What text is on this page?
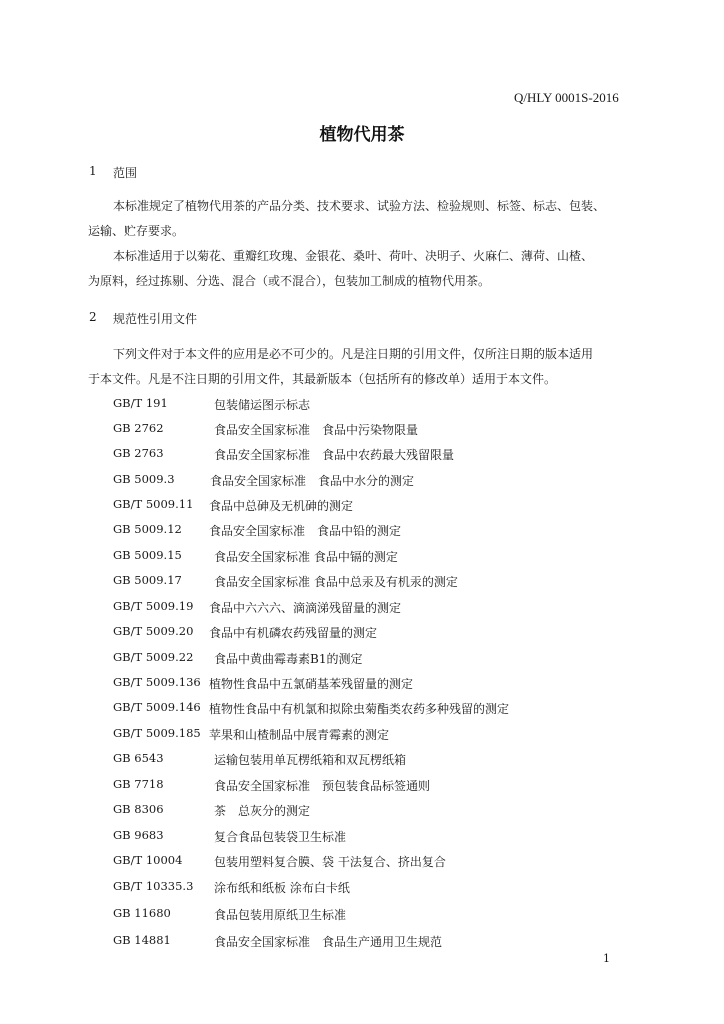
Q/HLY 0001S-2016
植物代用茶
1 范围
本标准规定了植物代用茶的产品分类、技术要求、试验方法、检验规则、标签、标志、包装、
运输、贮存要求。
本标准适用于以菊花、重瓣红玫瑰、金银花、桑叶、荷叶、决明子、火麻仁、薄荷、山楂、
为原料，经过拣剔、分选、混合（或不混合），包装加工制成的植物代用茶。
2 规范性引用文件
下列文件对于本文件的应用是必不可少的。凡是注日期的引用文件，仅所注日期的版本适用
于本文件。凡是不注日期的引用文件，其最新版本（包括所有的修改单）适用于本文件。
GB/T 191	包装储运图示标志
GB 2762	食品安全国家标准　食品中污染物限量
GB 2763	食品安全国家标准　食品中农药最大残留限量
GB 5009.3	食品安全国家标准　食品中水分的测定
GB/T 5009.11 食品中总砷及无机砷的测定
GB 5009.12 食品安全国家标准　食品中铅的测定
GB 5009.15	食品安全国家标准 食品中镉的测定
GB 5009.17	食品安全国家标准 食品中总汞及有机汞的测定
GB/T 5009.19 食品中六六六、滴滴涕残留量的测定
GB/T 5009.20 食品中有机磷农药残留量的测定
GB/T 5009.22 食品中黄曲霉毒素B1的测定
GB/T 5009.136 植物性食品中五氯硝基苯残留量的测定
GB/T 5009.146 植物性食品中有机氯和拟除虫菊酯类农药多种残留的测定
GB/T 5009.185 苹果和山楂制品中展青霉素的测定
GB 6543	运输包装用单瓦楞纸箱和双瓦楞纸箱
GB 7718	食品安全国家标准　预包装食品标签通则
GB 8306	茶　总灰分的测定
GB 9683	复合食品包装袋卫生标准
GB/T 10004	包装用塑料复合膜、袋 干法复合、挤出复合
GB/T 10335.3 涂布纸和纸板 涂布白卡纸
GB 11680	食品包装用原纸卫生标准
GB 14881	食品安全国家标准　食品生产通用卫生规范
1
